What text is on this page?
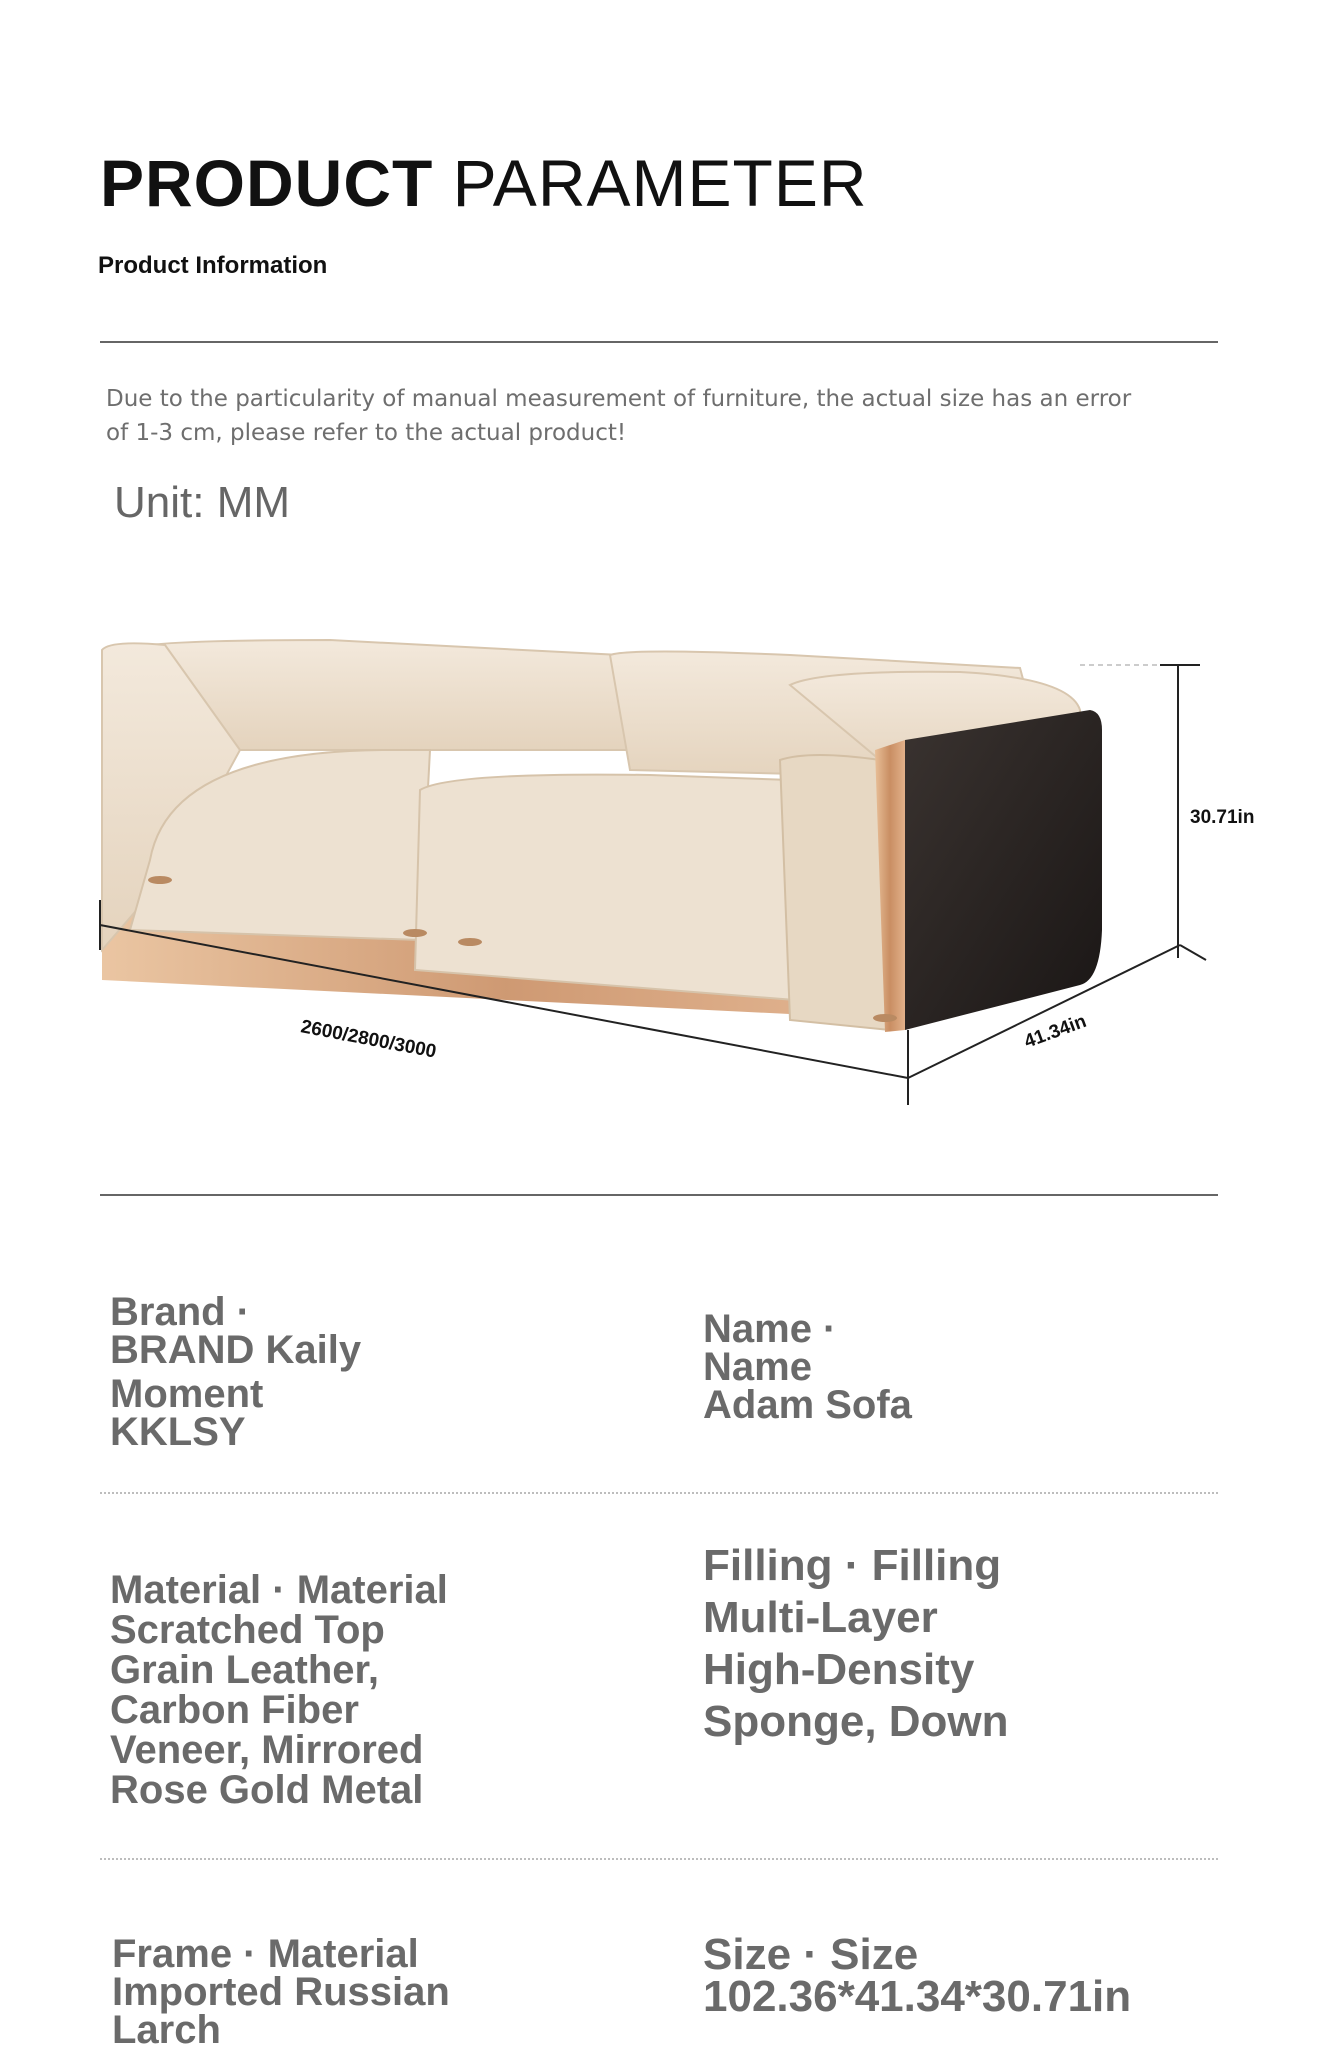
PRODUCT PARAMETER
Product Information
Due to the particularity of manual measurement of furniture, the actual size has an error
of 1-3 cm, please refer to the actual product!
Unit: MM
2600/2800/3000	41.34in
30.71in
Brand ·
BRAND Kaily
Moment
KKLSY
Name ·
Name
Adam Sofa
Material · Material
Scratched Top
Grain Leather,
Carbon Fiber
Veneer, Mirrored
Rose Gold Metal
Filling · Filling
Multi-Layer
High-Density
Sponge, Down
Frame · Material
Imported Russian
Larch
Size · Size
102.36*41.34*30.71in
